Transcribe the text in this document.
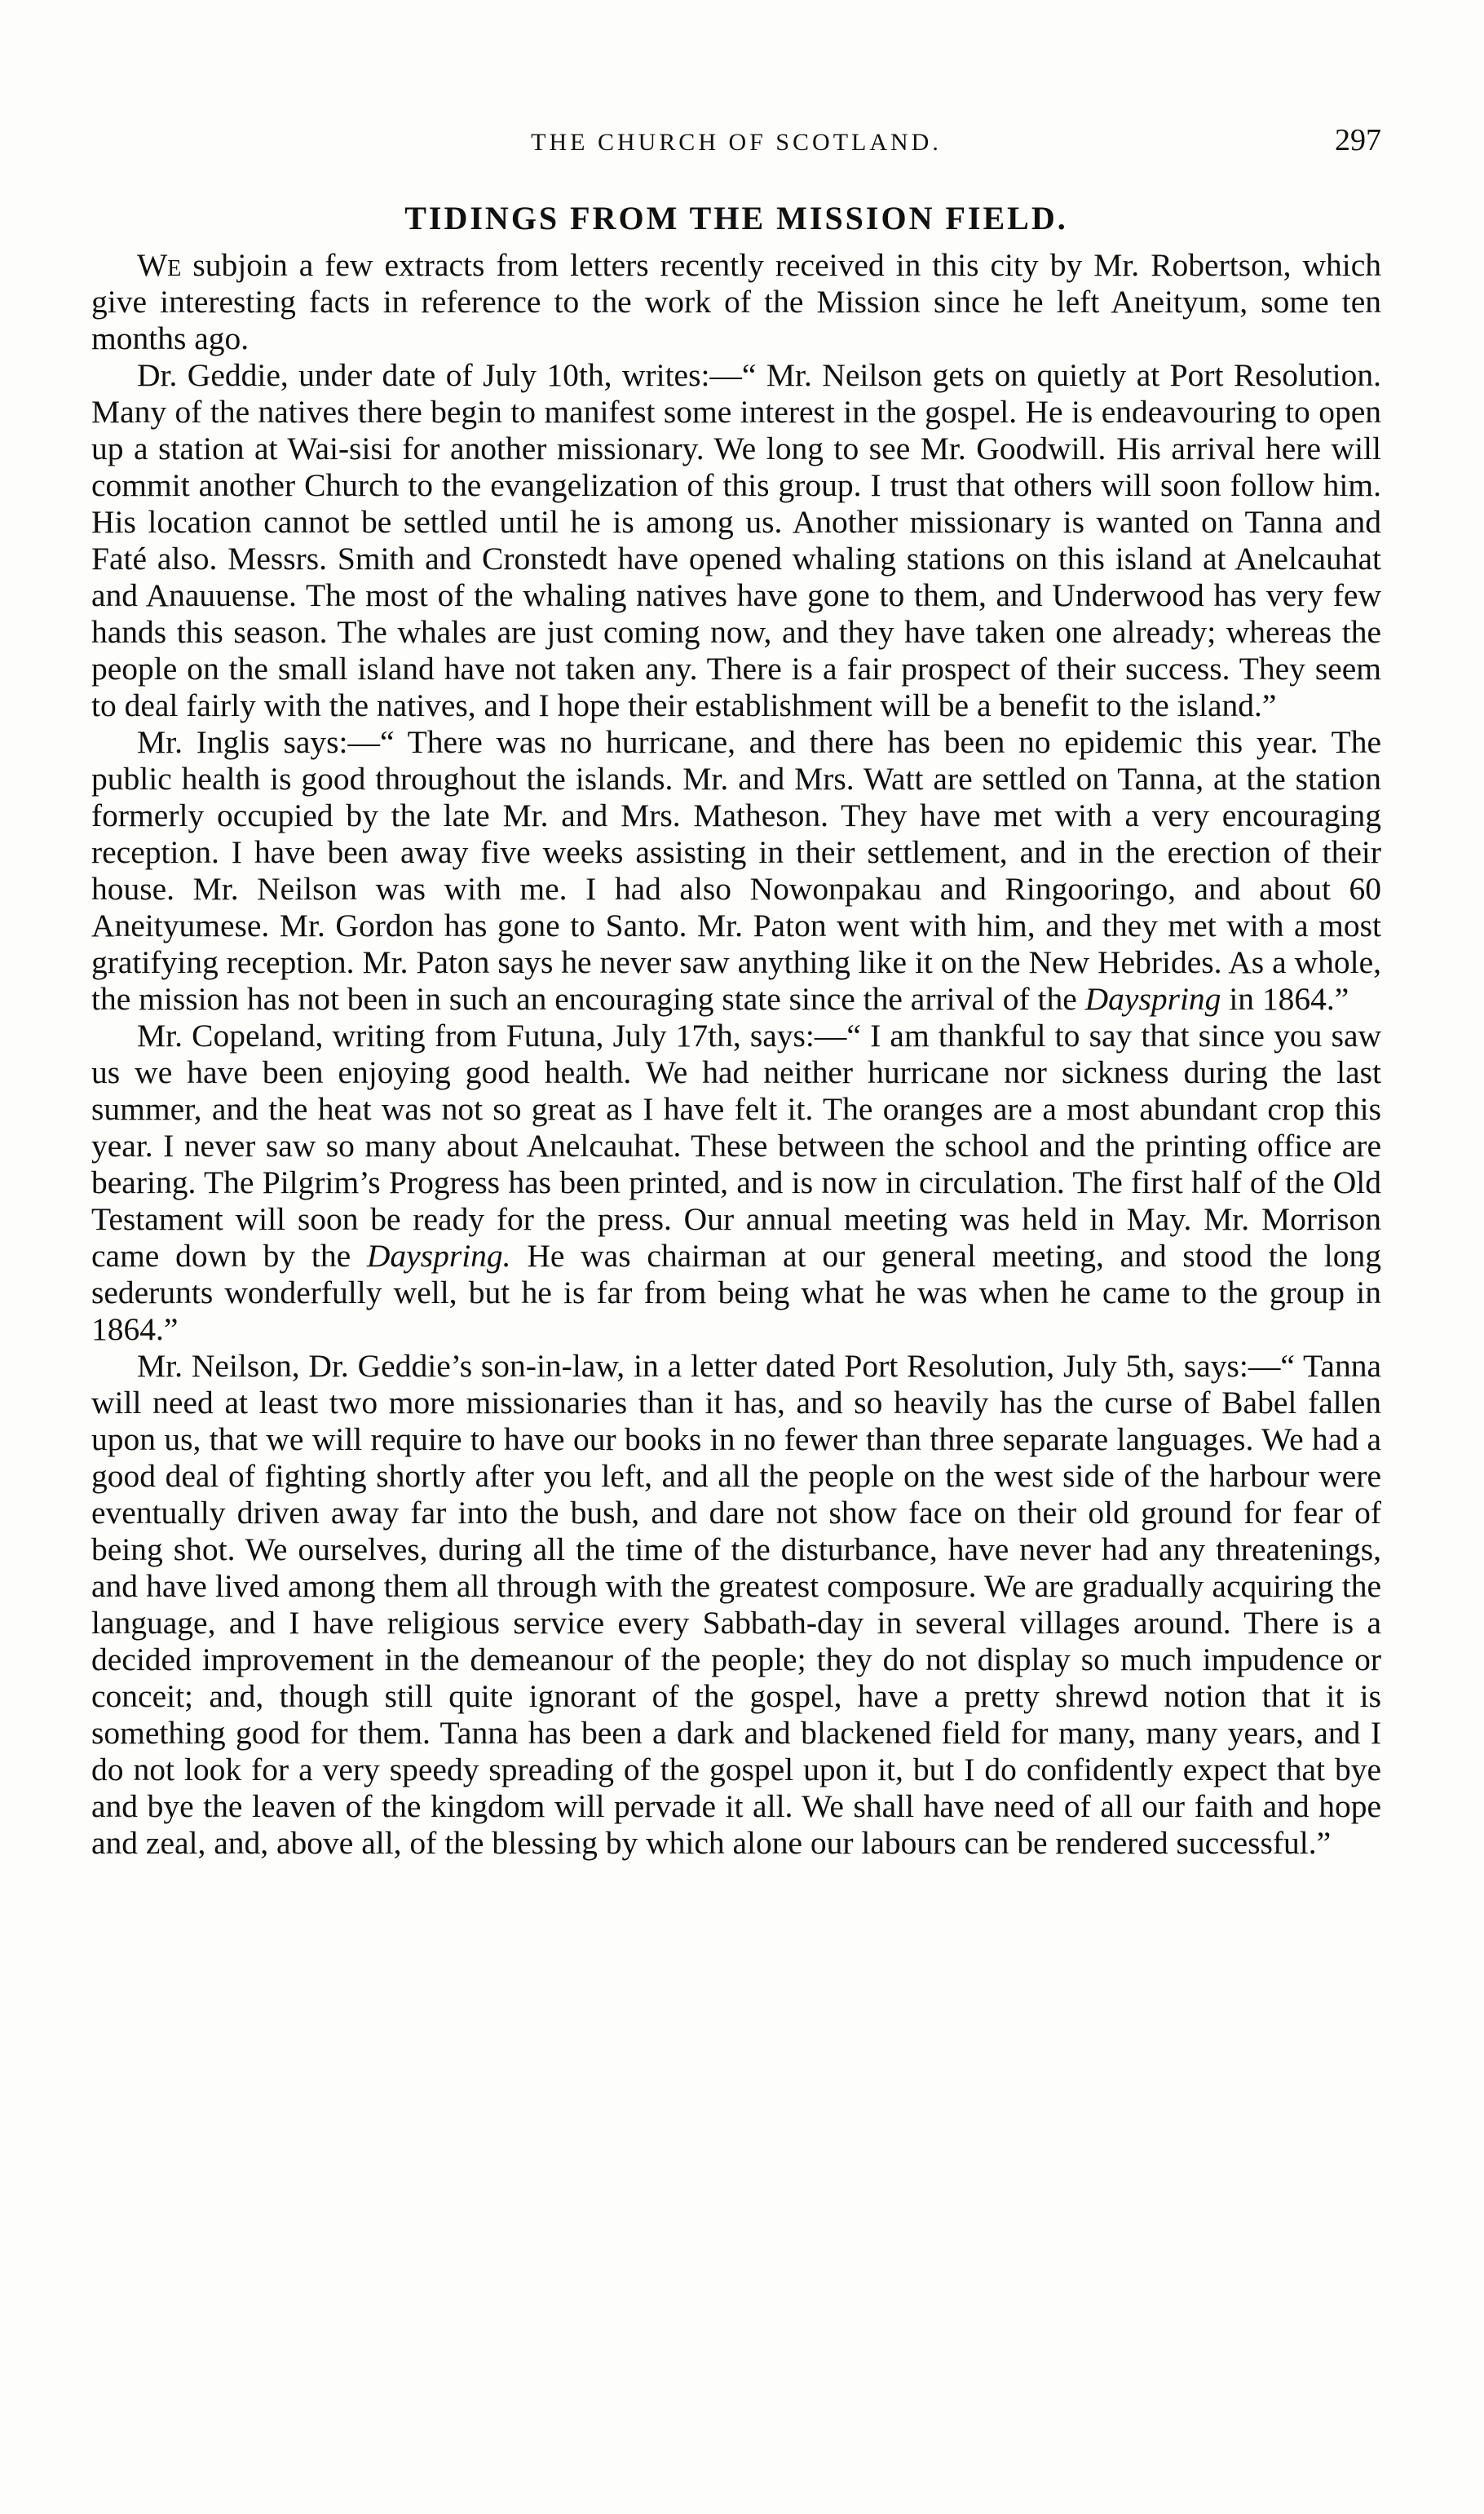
THE CHURCH OF SCOTLAND.	297
TIDINGS FROM THE MISSION FIELD.

We subjoin a few extracts from letters recently received in this city by Mr. Robertson, which give interesting facts in reference to the work of the Mission since he left Aneityum, some ten months ago.

Dr. Geddie, under date of July 10th, writes:—“ Mr. Neilson gets on quietly at Port Resolution. Many of the natives there begin to manifest some interest in the gospel. He is endeavouring to open up a station at Wai-sisi for another missionary. We long to see Mr. Goodwill. His arrival here will commit another Church to the evangelization of this group. I trust that others will soon follow him. His location cannot be settled until he is among us. Another missionary is wanted on Tanna and Faté also. Messrs. Smith and Cronstedt have opened whaling stations on this island at Anelcauhat and Anauuense. The most of the whaling natives have gone to them, and Underwood has very few hands this season. The whales are just coming now, and they have taken one already; whereas the people on the small island have not taken any. There is a fair prospect of their success. They seem to deal fairly with the natives, and I hope their establishment will be a benefit to the island.”

Mr. Inglis says:—“ There was no hurricane, and there has been no epidemic this year. The public health is good throughout the islands. Mr. and Mrs. Watt are settled on Tanna, at the station formerly occupied by the late Mr. and Mrs. Matheson. They have met with a very encouraging reception. I have been away five weeks assisting in their settlement, and in the erection of their house. Mr. Neilson was with me. I had also Nowonpakau and Ringooringo, and about 60 Aneityumese. Mr. Gordon has gone to Santo. Mr. Paton went with him, and they met with a most gratifying reception. Mr. Paton says he never saw anything like it on the New Hebrides. As a whole, the mission has not been in such an encouraging state since the arrival of the Dayspring in 1864.”

Mr. Copeland, writing from Futuna, July 17th, says:—“ I am thankful to say that since you saw us we have been enjoying good health. We had neither hurricane nor sickness during the last summer, and the heat was not so great as I have felt it. The oranges are a most abundant crop this year. I never saw so many about Anelcauhat. These between the school and the printing office are bearing. The Pilgrim’s Progress has been printed, and is now in circulation. The first half of the Old Testament will soon be ready for the press. Our annual meeting was held in May. Mr. Morrison came down by the Dayspring. He was chairman at our general meeting, and stood the long sederunts wonderfully well, but he is far from being what he was when he came to the group in 1864.”

Mr. Neilson, Dr. Geddie’s son-in-law, in a letter dated Port Resolution, July 5th, says:—“ Tanna will need at least two more missionaries than it has, and so heavily has the curse of Babel fallen upon us, that we will require to have our books in no fewer than three separate languages. We had a good deal of fighting shortly after you left, and all the people on the west side of the harbour were eventually driven away far into the bush, and dare not show face on their old ground for fear of being shot. We ourselves, during all the time of the disturbance, have never had any threatenings, and have lived among them all through with the greatest composure. We are gradually acquiring the language, and I have religious service every Sabbath-day in several villages around. There is a decided improvement in the demeanour of the people; they do not display so much impudence or conceit; and, though still quite ignorant of the gospel, have a pretty shrewd notion that it is something good for them. Tanna has been a dark and blackened field for many, many years, and I do not look for a very speedy spreading of the gospel upon it, but I do confidently expect that bye and bye the leaven of the kingdom will pervade it all. We shall have need of all our faith and hope and zeal, and, above all, of the blessing by which alone our labours can be rendered successful.”
